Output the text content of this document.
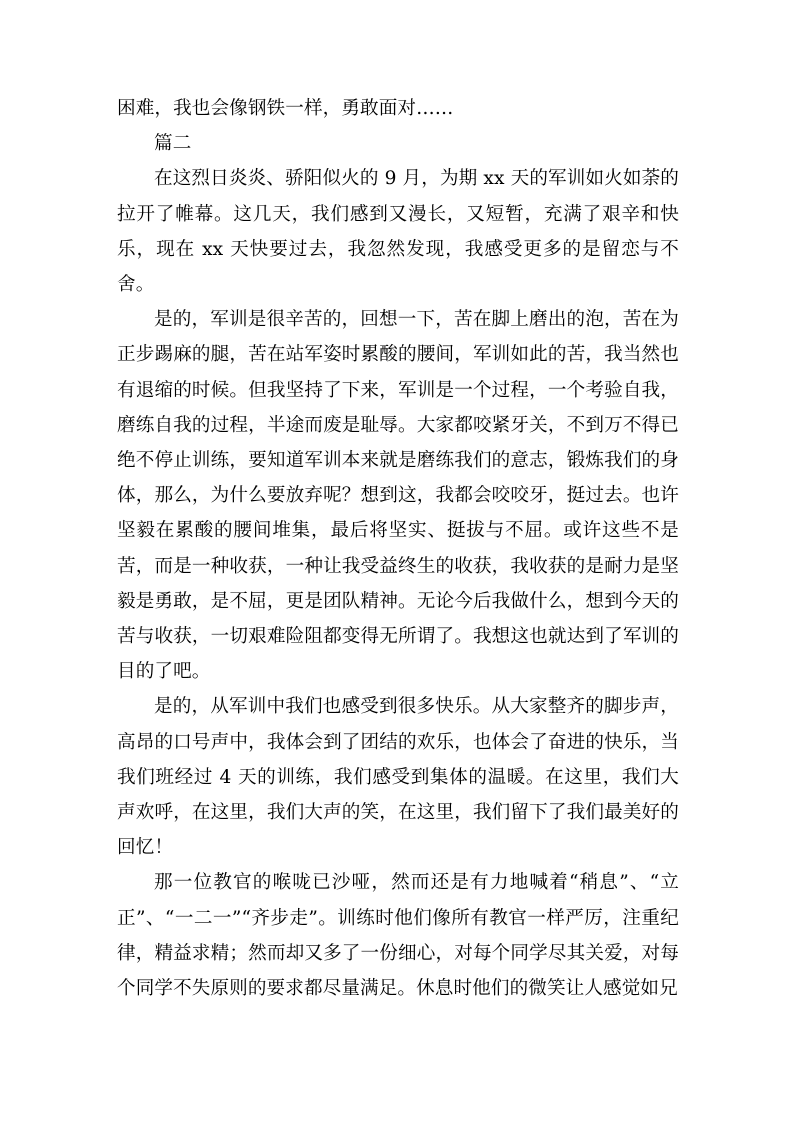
困难，我也会像钢铁一样，勇敢面对……

篇二

在这烈日炎炎、骄阳似火的 9 月，为期 xx 天的军训如火如荼的拉开了帷幕。这几天，我们感到又漫长，又短暂，充满了艰辛和快乐，现在 xx 天快要过去，我忽然发现，我感受更多的是留恋与不舍。

是的，军训是很辛苦的，回想一下，苦在脚上磨出的泡，苦在为正步踢麻的腿，苦在站军姿时累酸的腰间，军训如此的苦，我当然也有退缩的时候。但我坚持了下来，军训是一个过程，一个考验自我，磨练自我的过程，半途而废是耻辱。大家都咬紧牙关，不到万不得已绝不停止训练，要知道军训本来就是磨练我们的意志，锻炼我们的身体，那么，为什么要放弃呢？想到这，我都会咬咬牙，挺过去。也许坚毅在累酸的腰间堆集，最后将坚实、挺拔与不屈。或许这些不是苦，而是一种收获，一种让我受益终生的收获，我收获的是耐力是坚毅是勇敢，是不屈，更是团队精神。无论今后我做什么，想到今天的苦与收获，一切艰难险阻都变得无所谓了。我想这也就达到了军训的目的了吧。

是的，从军训中我们也感受到很多快乐。从大家整齐的脚步声，高昂的口号声中，我体会到了团结的欢乐，也体会了奋进的快乐，当我们班经过 4 天的训练，我们感受到集体的温暖。在这里，我们大声欢呼，在这里，我们大声的笑，在这里，我们留下了我们最美好的回忆！

那一位教官的喉咙已沙哑，然而还是有力地喊着“稍息”、“立正”、“一二一”“齐步走”。训练时他们像所有教官一样严厉，注重纪律，精益求精；然而却又多了一份细心，对每个同学尽其关爱，对每个同学不失原则的要求都尽量满足。休息时他们的微笑让人感觉如兄
